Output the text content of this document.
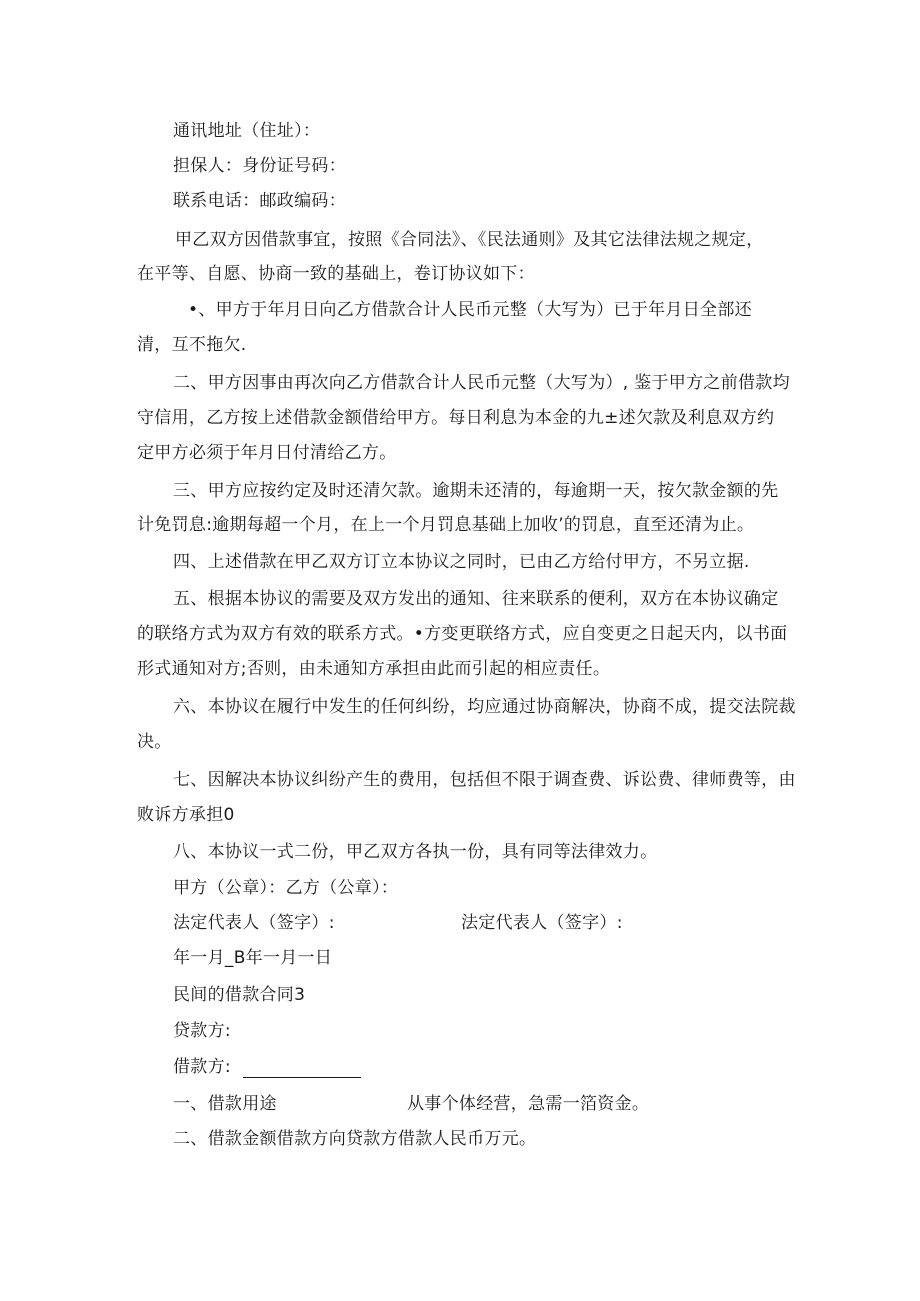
通讯地址（住址）：
担保人：身份证号码：
联系电话：邮政编码：
甲乙双方因借款事宜，按照《合同法》、《民法通则》及其它法律法规之规定，
在平等、自愿、协商一致的基础上，卷订协议如下：
•、甲方于年月日向乙方借款合计人民币元整（大写为）已于年月日全部还
清，互不拖欠.
二、甲方因事由再次向乙方借款合计人民币元整（大写为）, 鉴于甲方之前借款均
守信用，乙方按上述借款金额借给甲方。每日利息为本金的九±述欠款及利息双方约
定甲方必须于年月日付清给乙方。
三、甲方应按约定及时还清欠款。逾期未还清的，每逾期一天，按欠款金额的先
计免罚息:逾期每超一个月，在上一个月罚息基础上加收’的罚息，直至还清为止。
四、上述借款在甲乙双方订立本协议之同时，已由乙方给付甲方，不另立据.
五、根据本协议的需要及双方发出的通知、往来联系的便利，双方在本协议确定
的联络方式为双方有效的联系方式。•方变更联络方式，应自变更之日起天内，以书面
形式通知对方;否则，由未通知方承担由此而引起的相应责任。
六、本协议在履行中发生的任何纠纷，均应通过协商解决，协商不成，提交法院裁
决。
七、因解决本协议纠纷产生的费用，包括但不限于调查费、诉讼费、律师费等，由
败诉方承担0
八、本协议一式二份，甲乙双方各执一份，具有同等法律效力。
甲方（公章）：乙方（公章）：
法定代表人（签字）:	法定代表人（签字）:
年一月_B年一月一日
民间的借款合同3
贷款方:
借款方:
一、借款用途	从事个体经营，急需一箔资金。
二、借款金额借款方向贷款方借款人民币万元。
